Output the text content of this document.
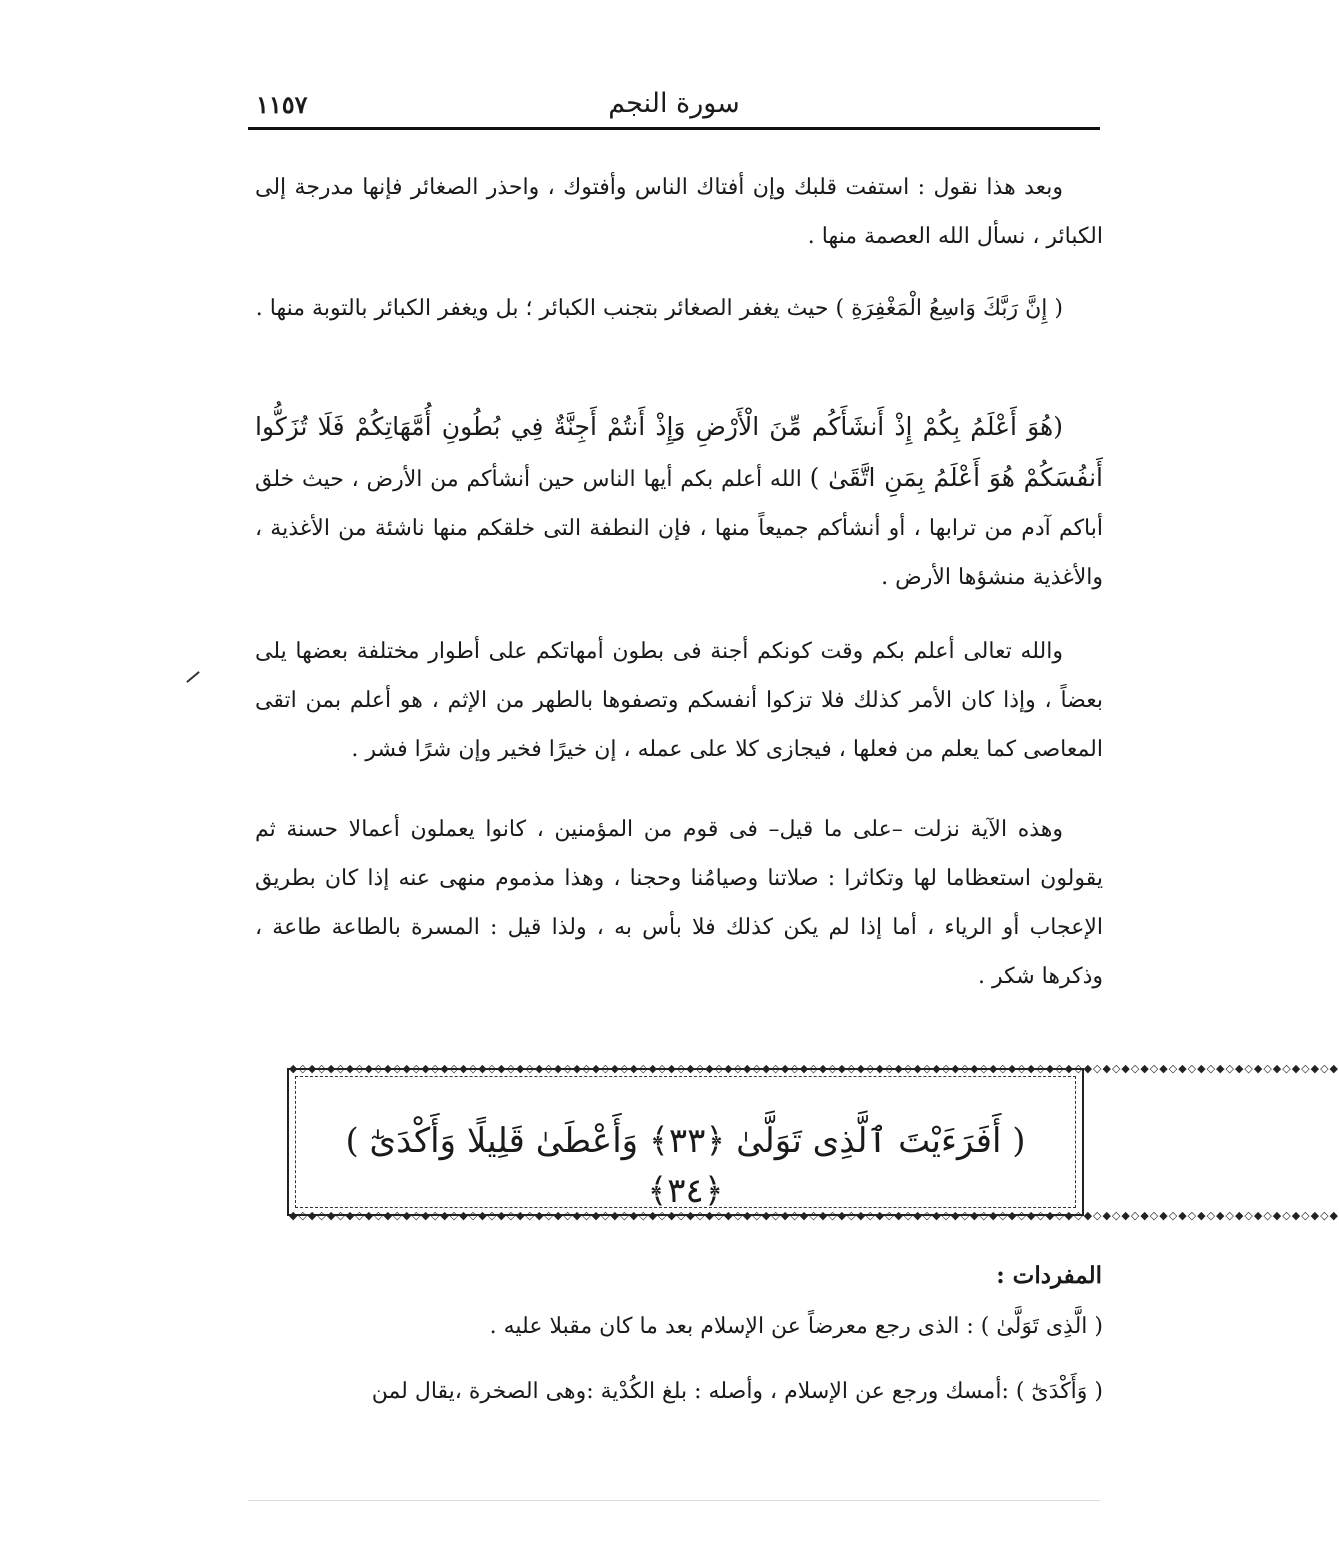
سورة النجم
١١٥٧

وبعد هذا نقول : استفت قلبك وإن أفتاك الناس وأفتوك ، واحذر الصغائر فإنها مدرجة إلى الكبائر ، نسأل الله العصمة منها .

( إِنَّ رَبَّكَ وَاسِعُ الْمَغْفِرَةِ ) حيث يغفر الصغائر بتجنب الكبائر ؛ بل ويغفر الكبائر بالتوبة منها .

(هُوَ أَعْلَمُ بِكُمْ إِذْ أَنشَأَكُم مِّنَ الْأَرْضِ وَإِذْ أَنتُمْ أَجِنَّةٌ فِي بُطُونِ أُمَّهَاتِكُمْ فَلَا تُزَكُّوا أَنفُسَكُمْ هُوَ أَعْلَمُ بِمَنِ اتَّقَىٰ ) الله أعلم بكم أيها الناس حين أنشأكم من الأرض ، حيث خلق أباكم آدم من ترابها ، أو أنشأكم جميعاً منها ، فإن النطفة التى خلقكم منها ناشئة من الأغذية ، والأغذية منشؤها الأرض .

والله تعالى أعلم بكم وقت كونكم أجنة فى بطون أمهاتكم على أطوار مختلفة بعضها يلى بعضاً ، وإذا كان الأمر كذلك فلا تزكوا أنفسكم وتصفوها بالطهر من الإثم ، هو أعلم بمن اتقى المعاصى كما يعلم من فعلها ، فيجازى كلا على عمله ، إن خيرًا فخير وإن شرًا فشر .

وهذه الآية نزلت –على ما قيل– فى قوم من المؤمنين ، كانوا يعملون أعمالا حسنة ثم يقولون استعظاما لها وتكاثرا : صلاتنا وصيامُنا وحجنا ، وهذا مذموم منهى عنه إذا كان بطريق الإعجاب أو الرياء ، أما إذا لم يكن كذلك فلا بأس به ، ولذا قيل : المسرة بالطاعة طاعة ، وذكرها شكر .

◆◇◆◇◆◇◆◇◆◇◆◇◆◇◆◇◆◇◆◇◆◇◆◇◆◇◆◇◆◇◆◇◆◇◆◇◆◇◆◇◆◇◆◇◆◇◆◇◆◇◆◇◆◇◆◇◆◇◆◇◆◇◆◇◆◇◆◇◆◇◆◇◆◇◆◇◆◇◆◇◆◇◆◇◆◇◆◇◆◇◆◇◆◇◆◇◆◇◆◇◆◇◆◇◆◇◆◇◆◇◆
( أَفَرَءَيْتَ ٱلَّذِى تَوَلَّىٰ ﴿٣٣﴾ وَأَعْطَىٰ قَلِيلًا وَأَكْدَىٰٓ ) ﴿٣٤﴾
◆◇◆◇◆◇◆◇◆◇◆◇◆◇◆◇◆◇◆◇◆◇◆◇◆◇◆◇◆◇◆◇◆◇◆◇◆◇◆◇◆◇◆◇◆◇◆◇◆◇◆◇◆◇◆◇◆◇◆◇◆◇◆◇◆◇◆◇◆◇◆◇◆◇◆◇◆◇◆◇◆◇◆◇◆◇◆◇◆◇◆◇◆◇◆◇◆◇◆◇◆◇◆◇◆◇◆◇◆◇◆
المفردات :
( الَّذِى تَوَلَّىٰ ) : الذى رجع معرضاً عن الإسلام بعد ما كان مقبلا عليه .
( وَأَكْدَىٰٓ ) :أمسك ورجع عن الإسلام ، وأصله : بلغ الكُدْية :وهى الصخرة ،يقال لمن
